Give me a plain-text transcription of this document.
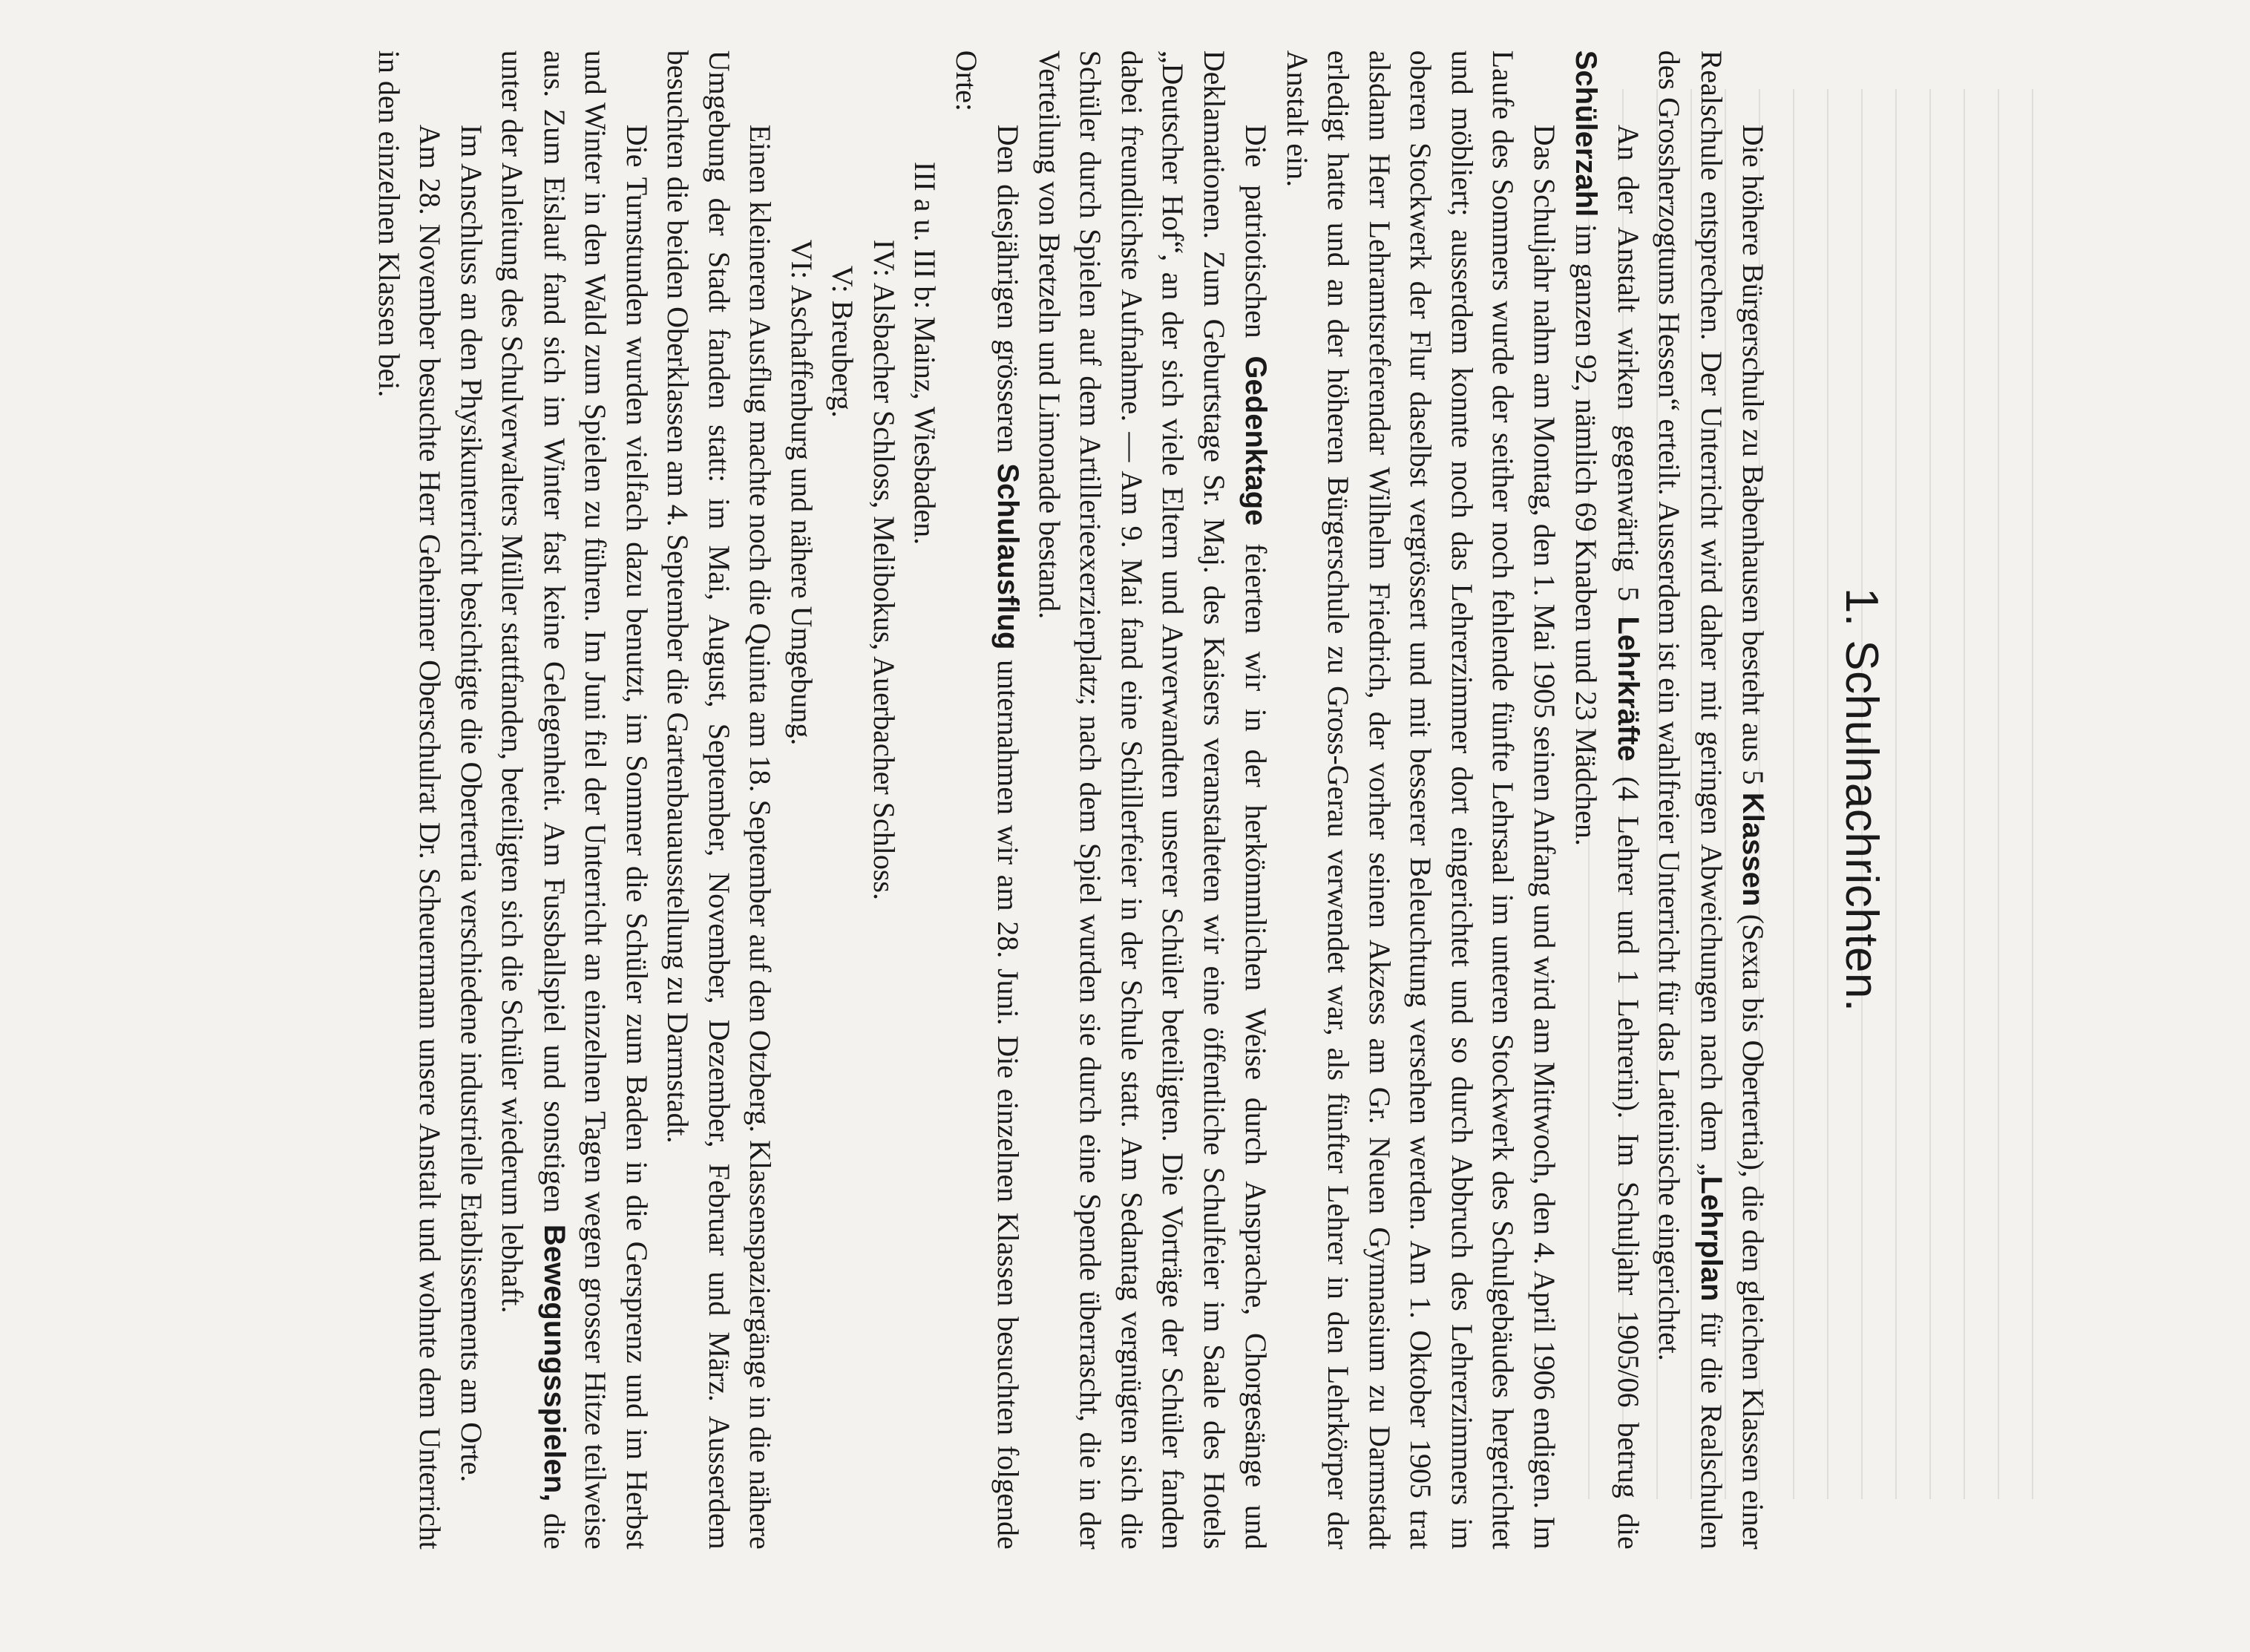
1. Schulnachrichten.

Die höhere Bürgerschule zu Babenhausen besteht aus 5 Klassen (Sexta bis Obertertia), die den gleichen Klassen einer Realschule entsprechen. Der Unterricht wird daher mit geringen Abweichungen nach dem „Lehrplan für die Realschulen des Grossherzogtums Hessen“ erteilt. Ausserdem ist ein wahlfreier Unterricht für das Lateinische eingerichtet.

An der Anstalt wirken gegenwärtig 5 Lehrkräfte (4 Lehrer und 1 Lehrerin). Im Schuljahr 1905/06 betrug die Schülerzahl im ganzen 92, nämlich 69 Knaben und 23 Mädchen.

Das Schuljahr nahm am Montag, den 1. Mai 1905 seinen Anfang und wird am Mittwoch, den 4. April 1906 endigen. Im Laufe des Sommers wurde der seither noch fehlende fünfte Lehrsaal im unteren Stockwerk des Schulgebäudes hergerichtet und möbliert; ausserdem konnte noch das Lehrerzimmer dort eingerichtet und so durch Abbruch des Lehrerzimmers im oberen Stockwerk der Flur daselbst vergrössert und mit besserer Beleuchtung versehen werden. Am 1. Oktober 1905 trat alsdann Herr Lehramtsreferendar Wilhelm Friedrich, der vorher seinen Akzess am Gr. Neuen Gymnasium zu Darmstadt erledigt hatte und an der höheren Bürgerschule zu Gross-Gerau verwendet war, als fünfter Lehrer in den Lehrkörper der Anstalt ein.

Die patriotischen Gedenktage feierten wir in der herkömmlichen Weise durch Ansprache, Chorgesänge und Deklamationen. Zum Geburtstage Sr. Maj. des Kaisers veranstalteten wir eine öffentliche Schulfeier im Saale des Hotels „Deutscher Hof“, an der sich viele Eltern und Anverwandten unserer Schüler beteiligten. Die Vorträge der Schüler fanden dabei freundlichste Aufnahme. — Am 9. Mai fand eine Schillerfeier in der Schule statt. Am Sedantag vergnügten sich die Schüler durch Spielen auf dem Artillerieexerzierplatz; nach dem Spiel wurden sie durch eine Spende überrascht, die in der Verteilung von Bretzeln und Limonade bestand.

Den diesjährigen grösseren Schulausflug unternahmen wir am 28. Juni. Die einzelnen Klassen besuchten folgende Orte:

III a u. III b: Mainz, Wiesbaden.
IV: Alsbacher Schloss, Melibokus, Auerbacher Schloss.
V: Breuberg.
VI: Aschaffenburg und nähere Umgebung.

Einen kleineren Ausflug machte noch die Quinta am 18. September auf den Otzberg. Klassenspaziergänge in die nähere Umgebung der Stadt fanden statt: im Mai, August, September, November, Dezember, Februar und März. Ausserdem besuchten die beiden Oberklassen am 4. September die Gartenbauausstellung zu Darmstadt.

Die Turnstunden wurden vielfach dazu benutzt, im Sommer die Schüler zum Baden in die Gersprenz und im Herbst und Winter in den Wald zum Spielen zu führen. Im Juni fiel der Unterricht an einzelnen Tagen wegen grosser Hitze teilweise aus. Zum Eislauf fand sich im Winter fast keine Gelegenheit. Am Fussballspiel und sonstigen Bewegungsspielen, die unter der Anleitung des Schulverwalters Müller stattfanden, beteiligten sich die Schüler wiederum lebhaft.

Im Anschluss an den Physikunterricht besichtigte die Obertertia verschiedene industrielle Etablissements am Orte.

Am 28. November besuchte Herr Geheimer Oberschulrat Dr. Scheuermann unsere Anstalt und wohnte dem Unterricht in den einzelnen Klassen bei.
